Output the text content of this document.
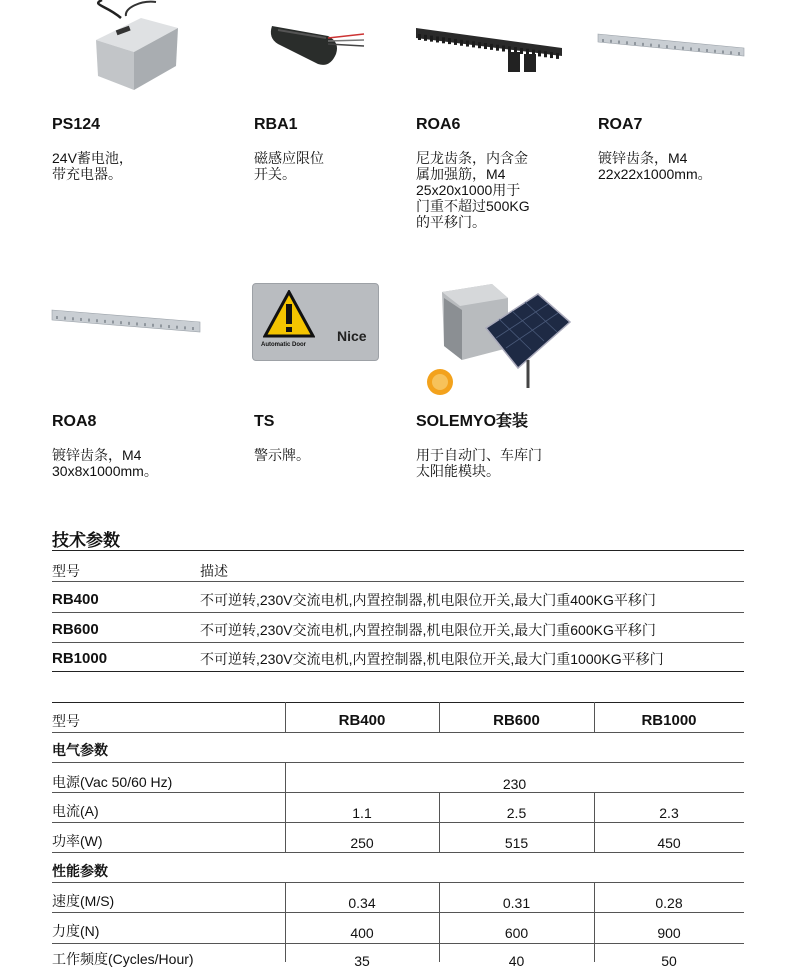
PS124
24V蓄电池，
带充电器。
RBA1
磁感应限位
开关。
ROA6
尼龙齿条，内含金
属加强筋，M4
25x20x1000用于
门重不超过500KG
的平移门。
ROA7
镀锌齿条，M4
22x22x1000mm。
Automatic Door
Nice
ROA8
镀锌齿条，M4
30x8x1000mm。
TS
警示牌。
SOLEMYO套装
用于自动门、车库门
太阳能模块。
技术参数
型号	描述
RB400	不可逆转,230V交流电机,内置控制器,机电限位开关,最大门重400KG平移门
RB600	不可逆转,230V交流电机,内置控制器,机电限位开关,最大门重600KG平移门
RB1000	不可逆转,230V交流电机,内置控制器,机电限位开关,最大门重1000KG平移门
型号	RB400	RB600	RB1000
电气参数
电源(Vac 50/60 Hz)	230
电流(A)	1.1	2.5	2.3
功率(W)	250	515	450
性能参数
速度(M/S)	0.34	0.31	0.28
力度(N)	400	600	900
工作频度(Cycles/Hour)	35	40	50
